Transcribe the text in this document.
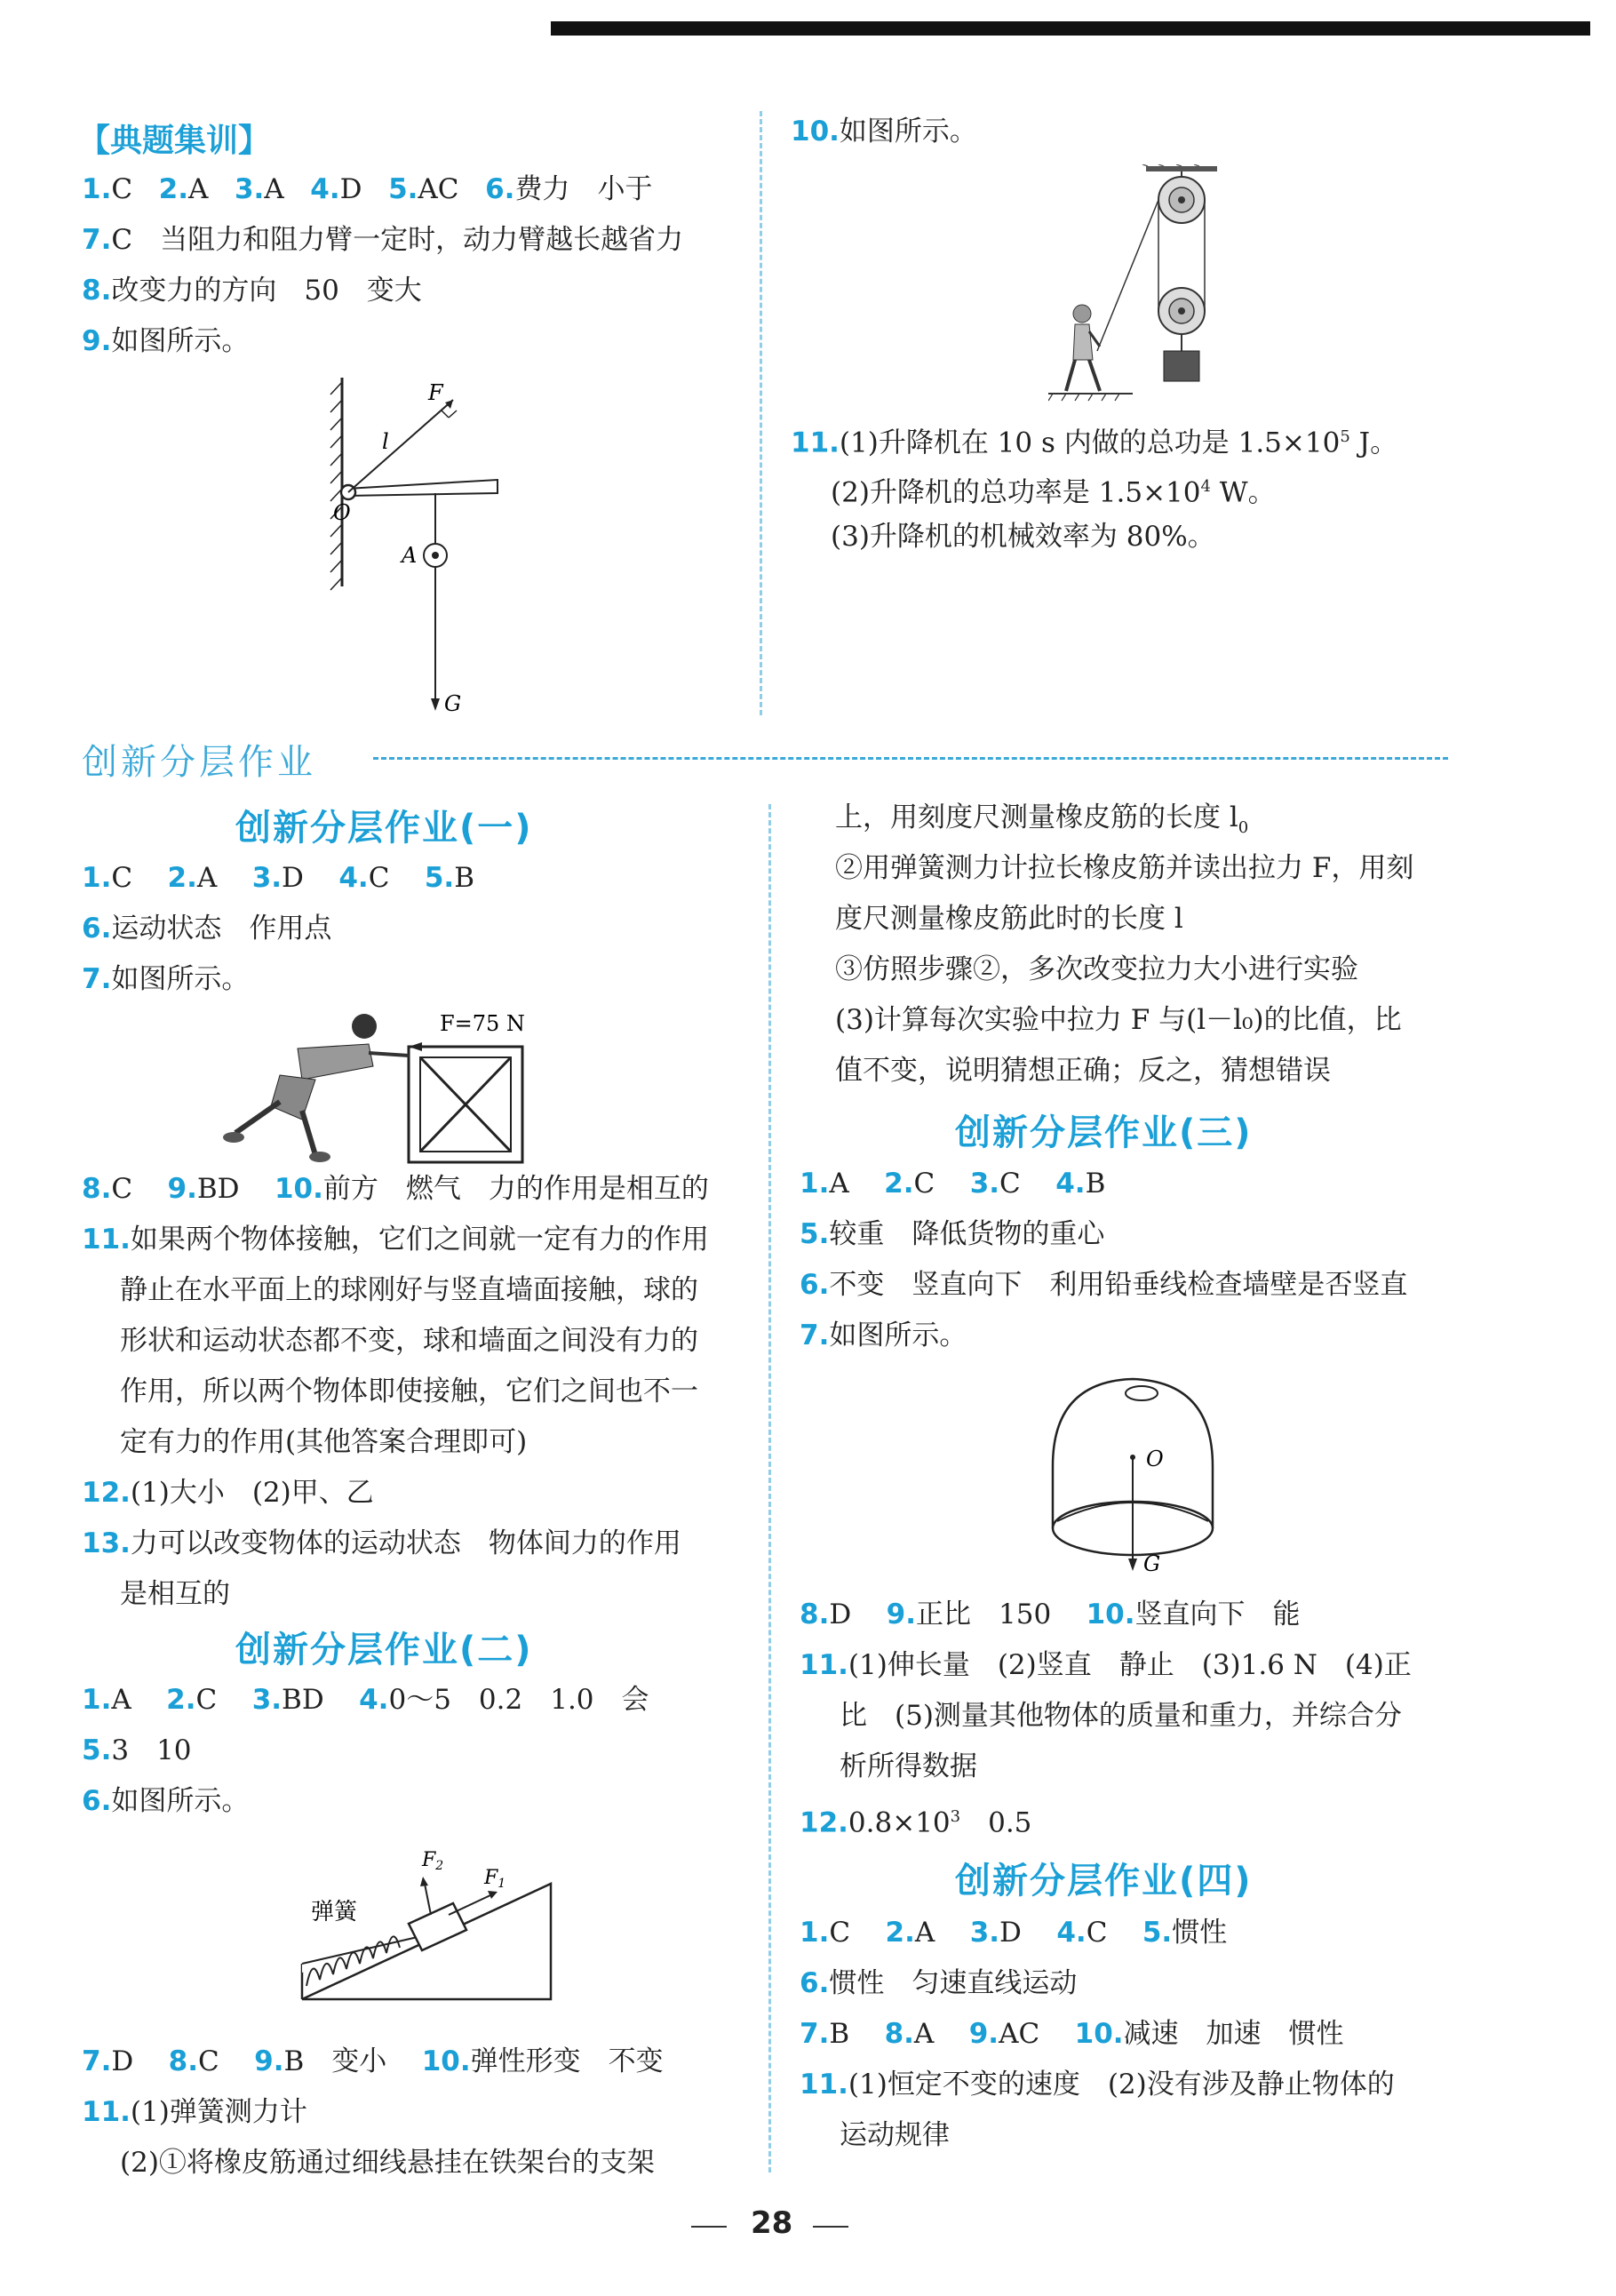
【典题集训】
1.C 2.A 3.A 4.D 5.AC 6.费力　小于
7.C　当阻力和阻力臂一定时，动力臂越长越省力
8.改变力的方向　50　变大
9.如图所示。
F
l
O
A
G
10.如图所示。
11.(1)升降机在 10 s 内做的总功是 $1.5\times 10^5$ J。
(2)升降机的总功率是 $1.5\times 10^4$ W。
(3)升降机的机械效率为 80%。
创新分层作业
创新分层作业(一)
1.C 2.A 3.D 4.C 5.B
6.运动状态　作用点
7.如图所示。
F=75 N
8.C 9.BD 10.前方　燃气　力的作用是相互的
11.如果两个物体接触，它们之间就一定有力的作用
静止在水平面上的球刚好与竖直墙面接触，球的
形状和运动状态都不变，球和墙面之间没有力的
作用，所以两个物体即使接触，它们之间也不一
定有力的作用(其他答案合理即可)
12.(1)大小　(2)甲、乙
13.力可以改变物体的运动状态　物体间力的作用
是相互的
创新分层作业(二)
1.A 2.C 3.BD 4.0～5　0.2　1.0　会
5.3　10
6.如图所示。
弹簧
F2
F1
7.D 8.C 9.B　变小 10.弹性形变　不变
11.(1)弹簧测力计
(2)①将橡皮筋通过细线悬挂在铁架台的支架
上，用刻度尺测量橡皮筋的长度 $l_0$
②用弹簧测力计拉长橡皮筋并读出拉力 F，用刻
度尺测量橡皮筋此时的长度 l
③仿照步骤②，多次改变拉力大小进行实验
(3)计算每次实验中拉力 F 与(l－l₀)的比值，比
值不变，说明猜想正确；反之，猜想错误
创新分层作业(三)
1.A 2.C 3.C 4.B
5.较重　降低货物的重心
6.不变　竖直向下　利用铅垂线检查墙壁是否竖直
7.如图所示。
O
G
8.D 9.正比　150 10.竖直向下　能
11.(1)伸长量　(2)竖直　静止　(3)1.6 N　(4)正
比　(5)测量其他物体的质量和重力，并综合分
析所得数据
$12.0.8\times 10^3$　0.5
创新分层作业(四)
1.C 2.A 3.D 4.C 5.惯性
6.惯性　匀速直线运动
7.B 8.A 9.AC 10.减速　加速　惯性
11.(1)恒定不变的速度　(2)没有涉及静止物体的
运动规律
28
